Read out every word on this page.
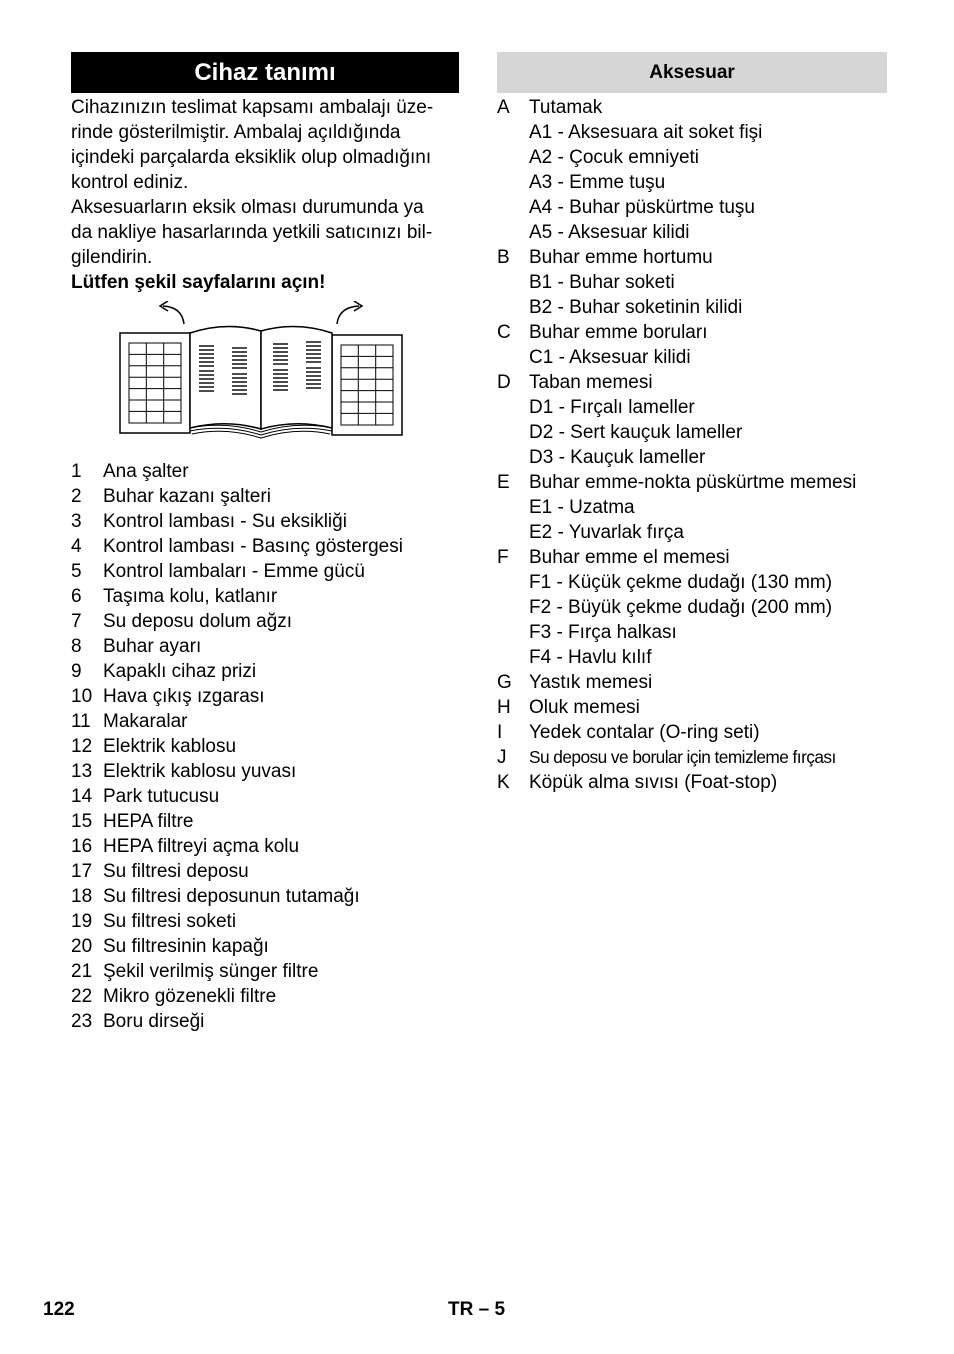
Cihaz tanımı

Cihazınızın teslimat kapsamı ambalajı üze-
rinde gösterilmiştir. Ambalaj açıldığında
içindeki parçalarda eksiklik olup olmadığını
kontrol ediniz.

Aksesuarların eksik olması durumunda ya
da nakliye hasarlarında yetkili satıcınızı bil-
gilendirin.

Lütfen şekil sayfalarını açın!

1 Ana şalter
2 Buhar kazanı şalteri
3 Kontrol lambası - Su eksikliği
4 Kontrol lambası - Basınç göstergesi
5 Kontrol lambaları - Emme gücü
6 Taşıma kolu, katlanır
7 Su deposu dolum ağzı
8 Buhar ayarı
9 Kapaklı cihaz prizi
10 Hava çıkış ızgarası
11 Makaralar
12 Elektrik kablosu
13 Elektrik kablosu yuvası
14 Park tutucusu
15 HEPA filtre
16 HEPA filtreyi açma kolu
17 Su filtresi deposu
18 Su filtresi deposunun tutamağı
19 Su filtresi soketi
20 Su filtresinin kapağı
21 Şekil verilmiş sünger filtre
22 Mikro gözenekli filtre
23 Boru dirseği
Aksesuar
A Tutamak
A1 - Aksesuara ait soket fişi
A2 - Çocuk emniyeti
A3 - Emme tuşu
A4 - Buhar püskürtme tuşu
A5 - Aksesuar kilidi
B Buhar emme hortumu
B1 - Buhar soketi
B2 - Buhar soketinin kilidi
C Buhar emme boruları
C1 - Aksesuar kilidi
D Taban memesi
D1 - Fırçalı lameller
D2 - Sert kauçuk lameller
D3 - Kauçuk lameller
E Buhar emme-nokta püskürtme memesi
E1 - Uzatma
E2 - Yuvarlak fırça
F Buhar emme el memesi
F1 - Küçük çekme dudağı (130 mm)
F2 - Büyük çekme dudağı (200 mm)
F3 - Fırça halkası
F4 - Havlu kılıf
G Yastık memesi
H Oluk memesi
I Yedek contalar (O-ring seti)
J Su deposu ve borular için temizleme fırçası
K Köpük alma sıvısı (Foat-stop)
122	TR – 5
